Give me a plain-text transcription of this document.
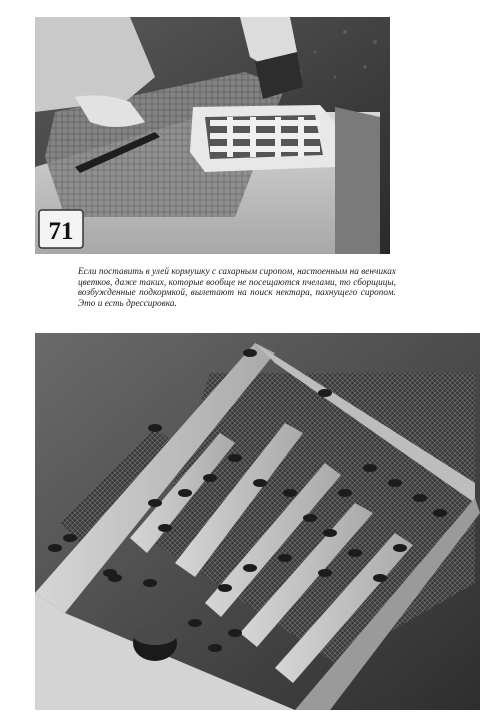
71
Если поставить в улей кормушку с сахарным сиропом, настоенным на венчиках цветков, даже таких, которые вообще не посещаются пчелами, то сборщицы, возбужденные подкормкой, вылетают на поиск нектара, пахнущего сиропом. Это и есть дрессировка.
